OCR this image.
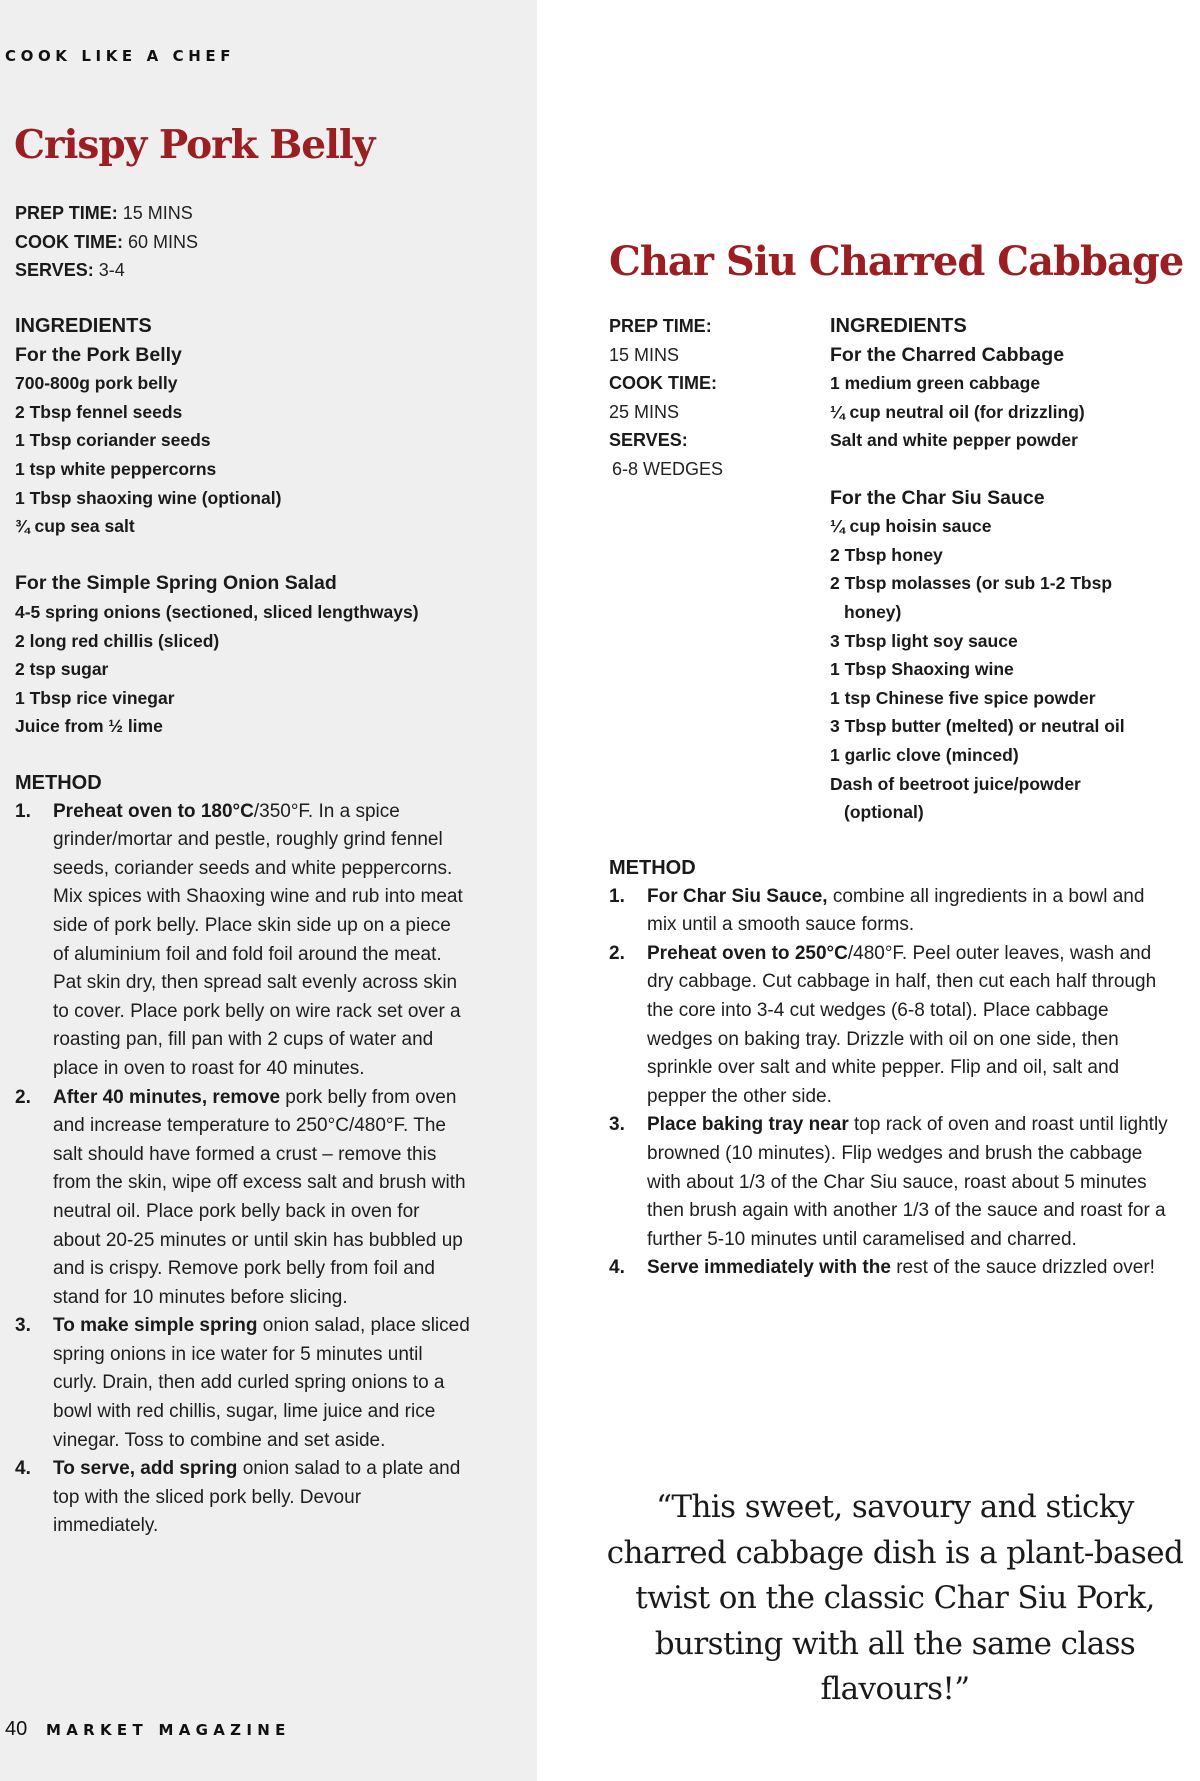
COOK LIKE A CHEF
Crispy Pork Belly
PREP TIME: 15 MINS
COOK TIME: 60 MINS
SERVES: 3-4
INGREDIENTS
For the Pork Belly
700-800g pork belly
2 Tbsp fennel seeds
1 Tbsp coriander seeds
1 tsp white peppercorns
1 Tbsp shaoxing wine (optional)
¾ cup sea salt
For the Simple Spring Onion Salad
4-5 spring onions (sectioned, sliced lengthways)
2 long red chillis (sliced)
2 tsp sugar
1 Tbsp rice vinegar
Juice from ½ lime
METHOD
1.	Preheat oven to 180°C/350°F. In a spice grinder/mortar and pestle, roughly grind fennel seeds, coriander seeds and white peppercorns. Mix spices with Shaoxing wine and rub into meat side of pork belly. Place skin side up on a piece of aluminium foil and fold foil around the meat. Pat skin dry, then spread salt evenly across skin to cover. Place pork belly on wire rack set over a roasting pan, fill pan with 2 cups of water and place in oven to roast for 40 minutes.
2.	After 40 minutes, remove pork belly from oven and increase temperature to 250°C/480°F. The salt should have formed a crust – remove this from the skin, wipe off excess salt and brush with neutral oil. Place pork belly back in oven for about 20-25 minutes or until skin has bubbled up and is crispy. Remove pork belly from foil and stand for 10 minutes before slicing.
3.	To make simple spring onion salad, place sliced spring onions in ice water for 5 minutes until curly. Drain, then add curled spring onions to a bowl with red chillis, sugar, lime juice and rice vinegar. Toss to combine and set aside.
4.	To serve, add spring onion salad to a plate and top with the sliced pork belly. Devour immediately.
40	MARKET MAGAZINE
Char Siu Charred Cabbage
PREP TIME:
15 MINS
COOK TIME:
25 MINS
SERVES:
6-8 WEDGES
INGREDIENTS
For the Charred Cabbage
1 medium green cabbage
¼ cup neutral oil (for drizzling)
Salt and white pepper powder
For the Char Siu Sauce
¼ cup hoisin sauce
2 Tbsp honey
2 Tbsp molasses (or sub 1-2 Tbsp
honey)
3 Tbsp light soy sauce
1 Tbsp Shaoxing wine
1 tsp Chinese five spice powder
3 Tbsp butter (melted) or neutral oil
1 garlic clove (minced)
Dash of beetroot juice/powder
(optional)
METHOD
1.	For Char Siu Sauce, combine all ingredients in a bowl and mix until a smooth sauce forms.
2.	Preheat oven to 250°C/480°F. Peel outer leaves, wash and dry cabbage. Cut cabbage in half, then cut each half through the core into 3-4 cut wedges (6-8 total). Place cabbage wedges on baking tray. Drizzle with oil on one side, then sprinkle over salt and white pepper. Flip and oil, salt and pepper the other side.
3.	Place baking tray near top rack of oven and roast until lightly browned (10 minutes). Flip wedges and brush the cabbage with about 1/3 of the Char Siu sauce, roast about 5 minutes then brush again with another 1/3 of the sauce and roast for a further 5-10 minutes until caramelised and charred.
4.	Serve immediately with the rest of the sauce drizzled over!
“This sweet, savoury and sticky charred cabbage dish is a plant-based twist on the classic Char Siu Pork, bursting with all the same class flavours!”
